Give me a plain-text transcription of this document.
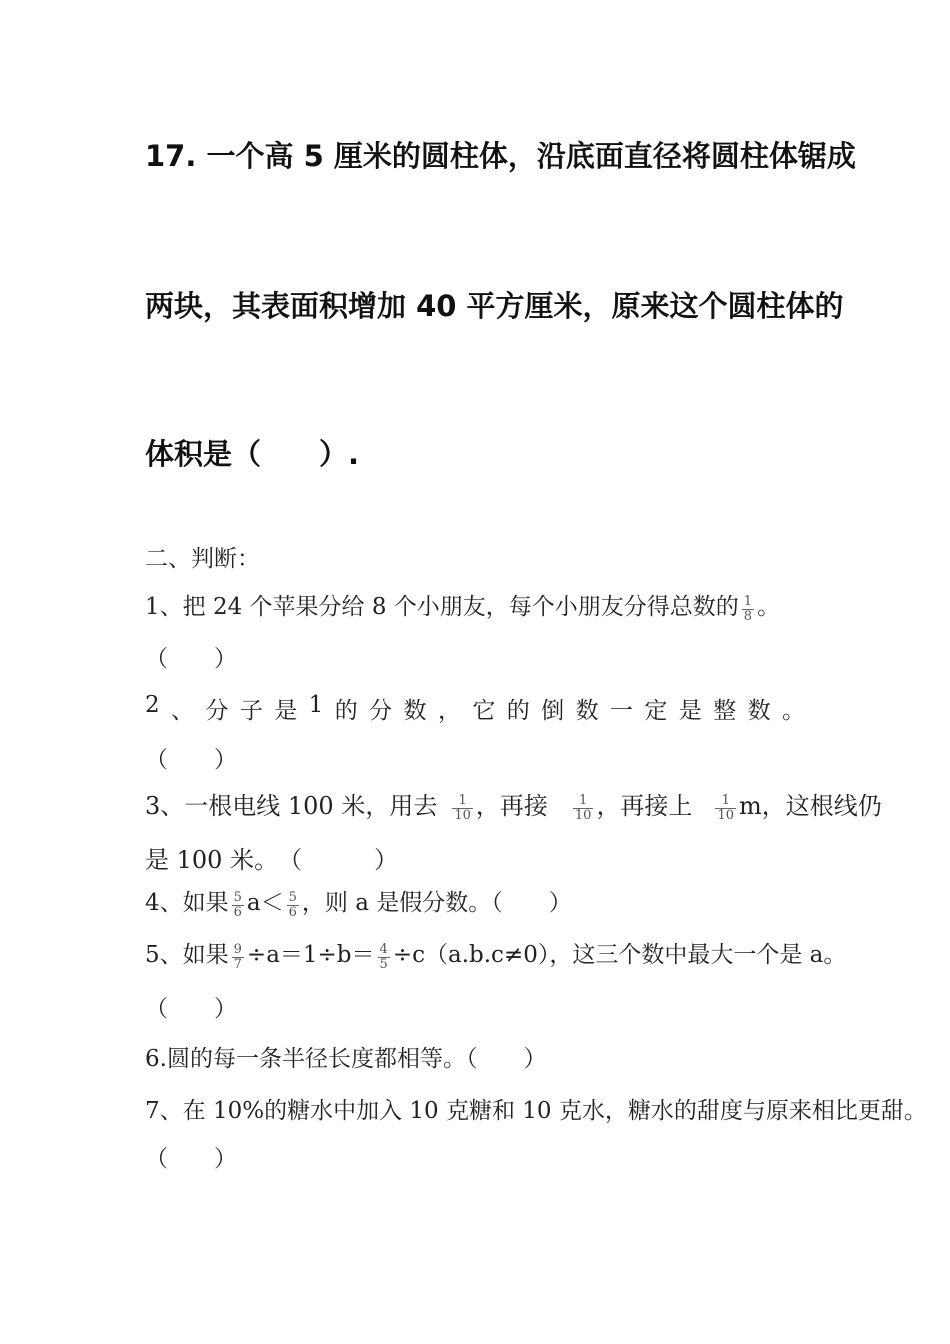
17. 一个高 5 厘米的圆柱体，沿底面直径将圆柱体锯成
两块，其表面积增加 40 平方厘米，原来这个圆柱体的
体积是（　　）.
二、判断：
1、把 24 个苹果分给 8 个小朋友，每个小朋友分得总数的 $\frac{1}{8}$ 。
（　　）
2 、 分 子 是 1 的 分 数 ， 它 的 倒 数 一 定 是 整 数 。
（　　）
3、一根电线 100 米，用去 $\frac{1}{10}$ ，再接 $\frac{1}{10}$ ，再接上 $\frac{1}{10}$ m，这根线仍
是 100 米。　（　　　）
4、如果 $\frac{5}{6} a< \frac{5}{6}$ ，则 a 是假分数。（　　）
5、如果 $\frac{9}{7} \div a=1\div b= \frac{4}{5} \div c(a.b.c\ne 0)$，这三个数中最大一个是 a。
（　　）
6.圆的每一条半径长度都相等。（　　）
7、在 10%的糖水中加入 10 克糖和 10 克水，糖水的甜度与原来相比更甜。
（　　）
